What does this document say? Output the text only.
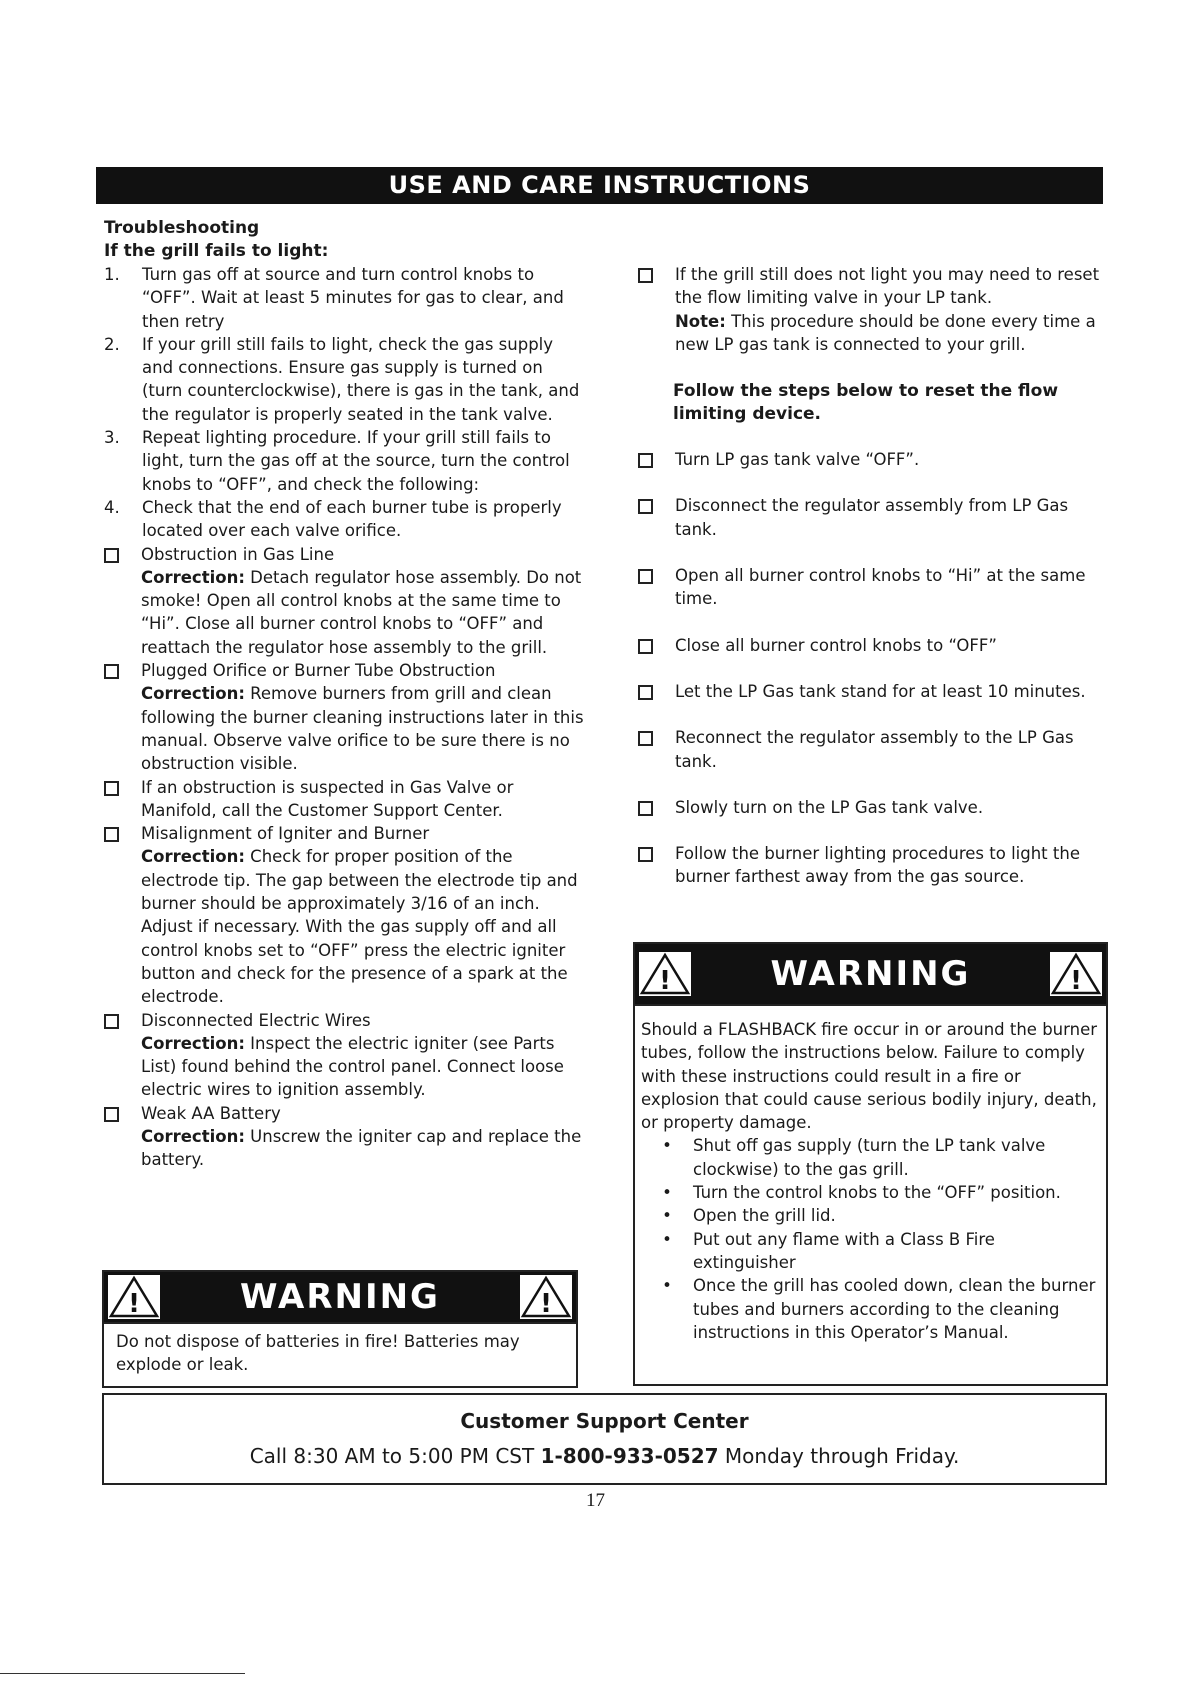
USE AND CARE INSTRUCTIONS
Troubleshooting
If the grill fails to light:
1.	Turn gas off at source and turn control knobs to “OFF”. Wait at least 5 minutes for gas to clear, and then retry
2.	If your grill still fails to light, check the gas supply and connections. Ensure gas supply is turned on (turn counterclockwise), there is gas in the tank, and the regulator is properly seated in the tank valve.
3.	Repeat lighting procedure. If your grill still fails to light, turn the gas off at the source, turn the control knobs to “OFF”, and check the following:
4.	Check that the end of each burner tube is properly located over each valve orifice.
Obstruction in Gas Line
Correction: Detach regulator hose assembly. Do not smoke! Open all control knobs at the same time to “Hi”. Close all burner control knobs to “OFF” and reattach the regulator hose assembly to the grill.
Plugged Orifice or Burner Tube Obstruction
Correction: Remove burners from grill and clean following the burner cleaning instructions later in this manual. Observe valve orifice to be sure there is no obstruction visible.
If an obstruction is suspected in Gas Valve or Manifold, call the Customer Support Center.
Misalignment of Igniter and Burner
Correction: Check for proper position of the electrode tip. The gap between the electrode tip and burner should be approximately 3/16 of an inch. Adjust if necessary. With the gas supply off and all control knobs set to “OFF” press the electric igniter button and check for the presence of a spark at the electrode.
Disconnected Electric Wires
Correction: Inspect the electric igniter (see Parts List) found behind the control panel. Connect loose electric wires to ignition assembly.
Weak AA Battery
Correction: Unscrew the igniter cap and replace the battery.
If the grill still does not light you may need to reset the flow limiting valve in your LP tank.
Note: This procedure should be done every time a new LP gas tank is connected to your grill.
Follow the steps below to reset the flow limiting device.
Turn LP gas tank valve “OFF”.
Disconnect the regulator assembly from LP Gas tank.
Open all burner control knobs to “Hi” at the same time.
Close all burner control knobs to “OFF”
Let the LP Gas tank stand for at least 10 minutes.
Reconnect the regulator assembly to the LP Gas tank.
Slowly turn on the LP Gas tank valve.
Follow the burner lighting procedures to light the burner farthest away from the gas source.
!	WARNING	!
Do not dispose of batteries in fire! Batteries may explode or leak.
!	WARNING	!
Should a FLASHBACK fire occur in or around the burner tubes, follow the instructions below. Failure to comply with these instructions could result in a fire or explosion that could cause serious bodily injury, death, or property damage.
•	Shut off gas supply (turn the LP tank valve clockwise) to the gas grill.
•	Turn the control knobs to the “OFF” position.
•	Open the grill lid.
•	Put out any flame with a Class B Fire extinguisher
•	Once the grill has cooled down, clean the burner tubes and burners according to the cleaning instructions in this Operator’s Manual.
Customer Support Center
Call 8:30 AM to 5:00 PM CST 1-800-933-0527 Monday through Friday.
17
